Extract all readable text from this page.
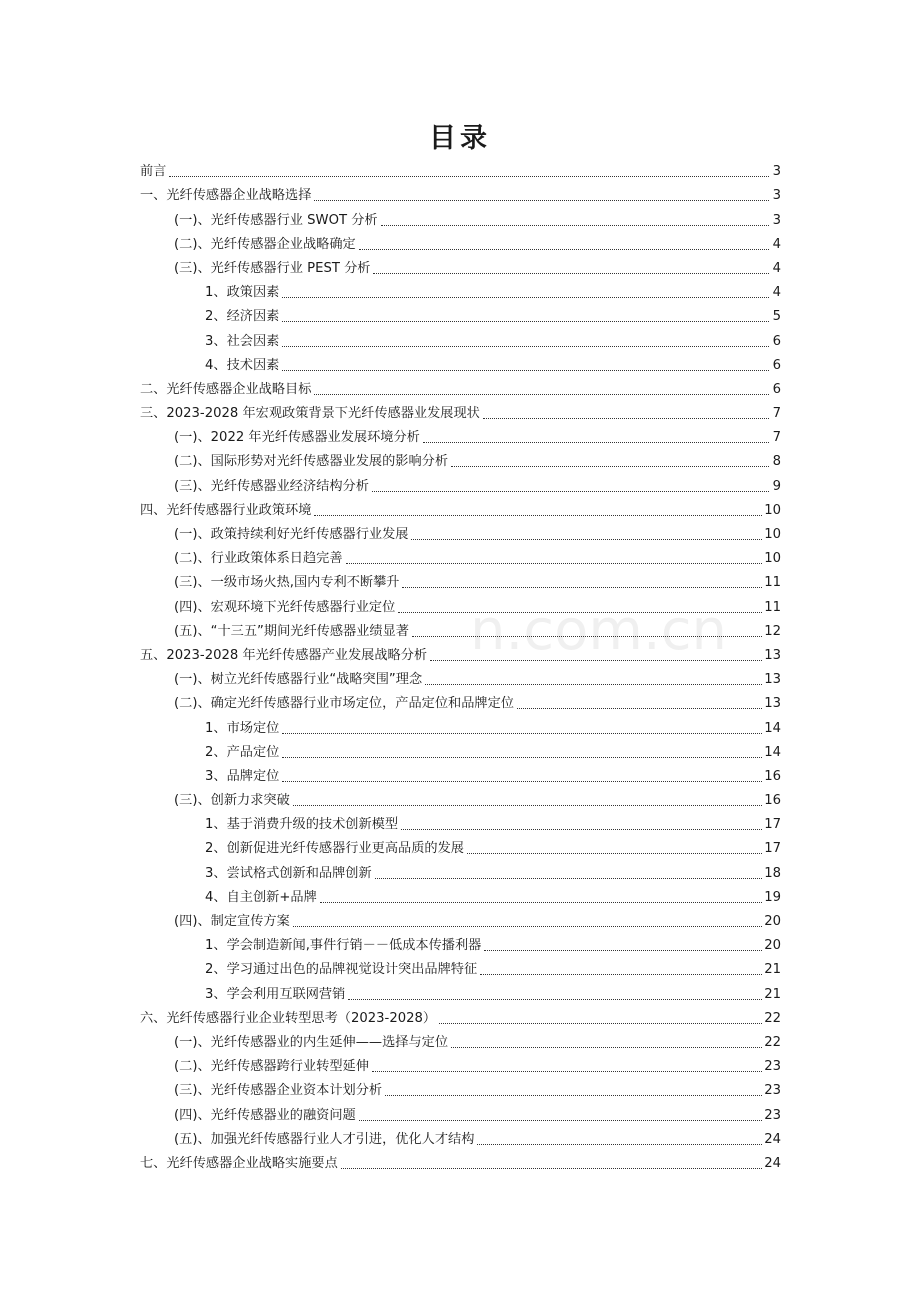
目录
前言	3
一、光纤传感器企业战略选择	3
(一)、光纤传感器行业 SWOT 分析	3
(二)、光纤传感器企业战略确定	4
(三)、光纤传感器行业 PEST 分析	4
1、政策因素	4
2、经济因素	5
3、社会因素	6
4、技术因素	6
二、光纤传感器企业战略目标	6
三、2023-2028 年宏观政策背景下光纤传感器业发展现状	7
(一)、2022 年光纤传感器业发展环境分析	7
(二)、国际形势对光纤传感器业发展的影响分析	8
(三)、光纤传感器业经济结构分析	9
四、光纤传感器行业政策环境	10
(一)、政策持续利好光纤传感器行业发展	10
(二)、行业政策体系日趋完善	10
(三)、一级市场火热,国内专利不断攀升	11
(四)、宏观环境下光纤传感器行业定位	11
(五)、“十三五”期间光纤传感器业绩显著	12
五、2023-2028 年光纤传感器产业发展战略分析	13
(一)、树立光纤传感器行业“战略突围”理念	13
(二)、确定光纤传感器行业市场定位，产品定位和品牌定位	13
1、市场定位	14
2、产品定位	14
3、品牌定位	16
(三)、创新力求突破	16
1、基于消费升级的技术创新模型	17
2、创新促进光纤传感器行业更高品质的发展	17
3、尝试格式创新和品牌创新	18
4、自主创新+品牌	19
(四)、制定宣传方案	20
1、学会制造新闻,事件行销－－低成本传播利器	20
2、学习通过出色的品牌视觉设计突出品牌特征	21
3、学会利用互联网营销	21
六、光纤传感器行业企业转型思考（2023-2028）	22
(一)、光纤传感器业的内生延伸——选择与定位	22
(二)、光纤传感器跨行业转型延伸	23
(三)、光纤传感器企业资本计划分析	23
(四)、光纤传感器业的融资问题	23
(五)、加强光纤传感器行业人才引进，优化人才结构	24
七、光纤传感器企业战略实施要点	24
n.com.cn
